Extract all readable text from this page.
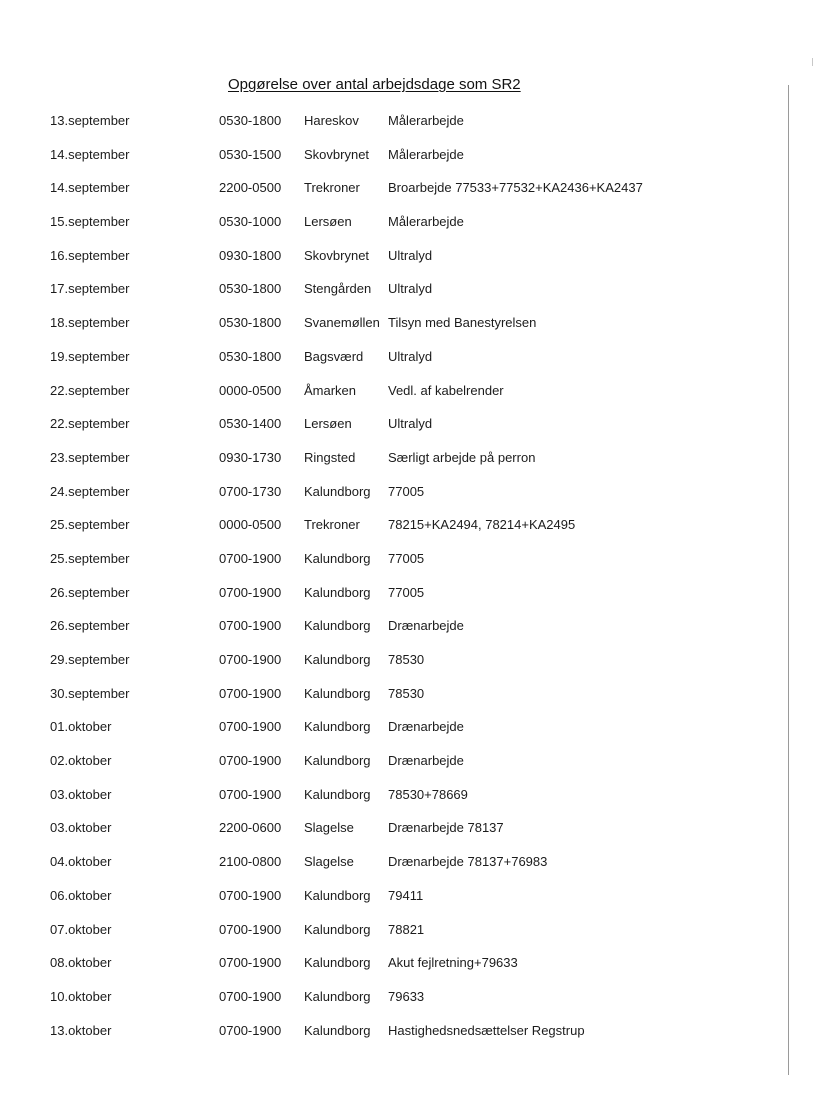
Opgørelse over antal arbejdsdage som SR2
13.september	0530-1800 Hareskov Målerarbejde
14.september	0530-1500 Skovbrynet Målerarbejde
14.september	2200-0500 Trekroner Broarbejde 77533+77532+KA2436+KA2437
15.september	0530-1000 Lersøen	Målerarbejde
16.september	0930-1800 Skovbrynet Ultralyd
17.september	0530-1800 Stengården Ultralyd
18.september	0530-1800 Svanemøllen Tilsyn med Banestyrelsen
19.september	0530-1800 Bagsværd Ultralyd
22.september	0000-0500 Åmarken Vedl. af kabelrender
22.september	0530-1400 Lersøen	Ultralyd
23.september	0930-1730 Ringsted	Særligt arbejde på perron
24.september	0700-1730 Kalundborg 77005
25.september	0000-0500 Trekroner 78215+KA2494, 78214+KA2495
25.september	0700-1900 Kalundborg 77005
26.september	0700-1900 Kalundborg 77005
26.september	0700-1900 Kalundborg Drænarbejde
29.september	0700-1900 Kalundborg 78530
30.september	0700-1900 Kalundborg 78530
01.oktober	0700-1900 Kalundborg Drænarbejde
02.oktober	0700-1900 Kalundborg Drænarbejde
03.oktober	0700-1900 Kalundborg 78530+78669
03.oktober	2200-0600 Slagelse	Drænarbejde 78137
04.oktober	2100-0800 Slagelse	Drænarbejde 78137+76983
06.oktober	0700-1900 Kalundborg 79411
07.oktober	0700-1900 Kalundborg 78821
08.oktober	0700-1900 Kalundborg Akut fejlretning+79633
10.oktober	0700-1900 Kalundborg 79633
13.oktober	0700-1900 Kalundborg Hastighedsnedsættelser Regstrup
